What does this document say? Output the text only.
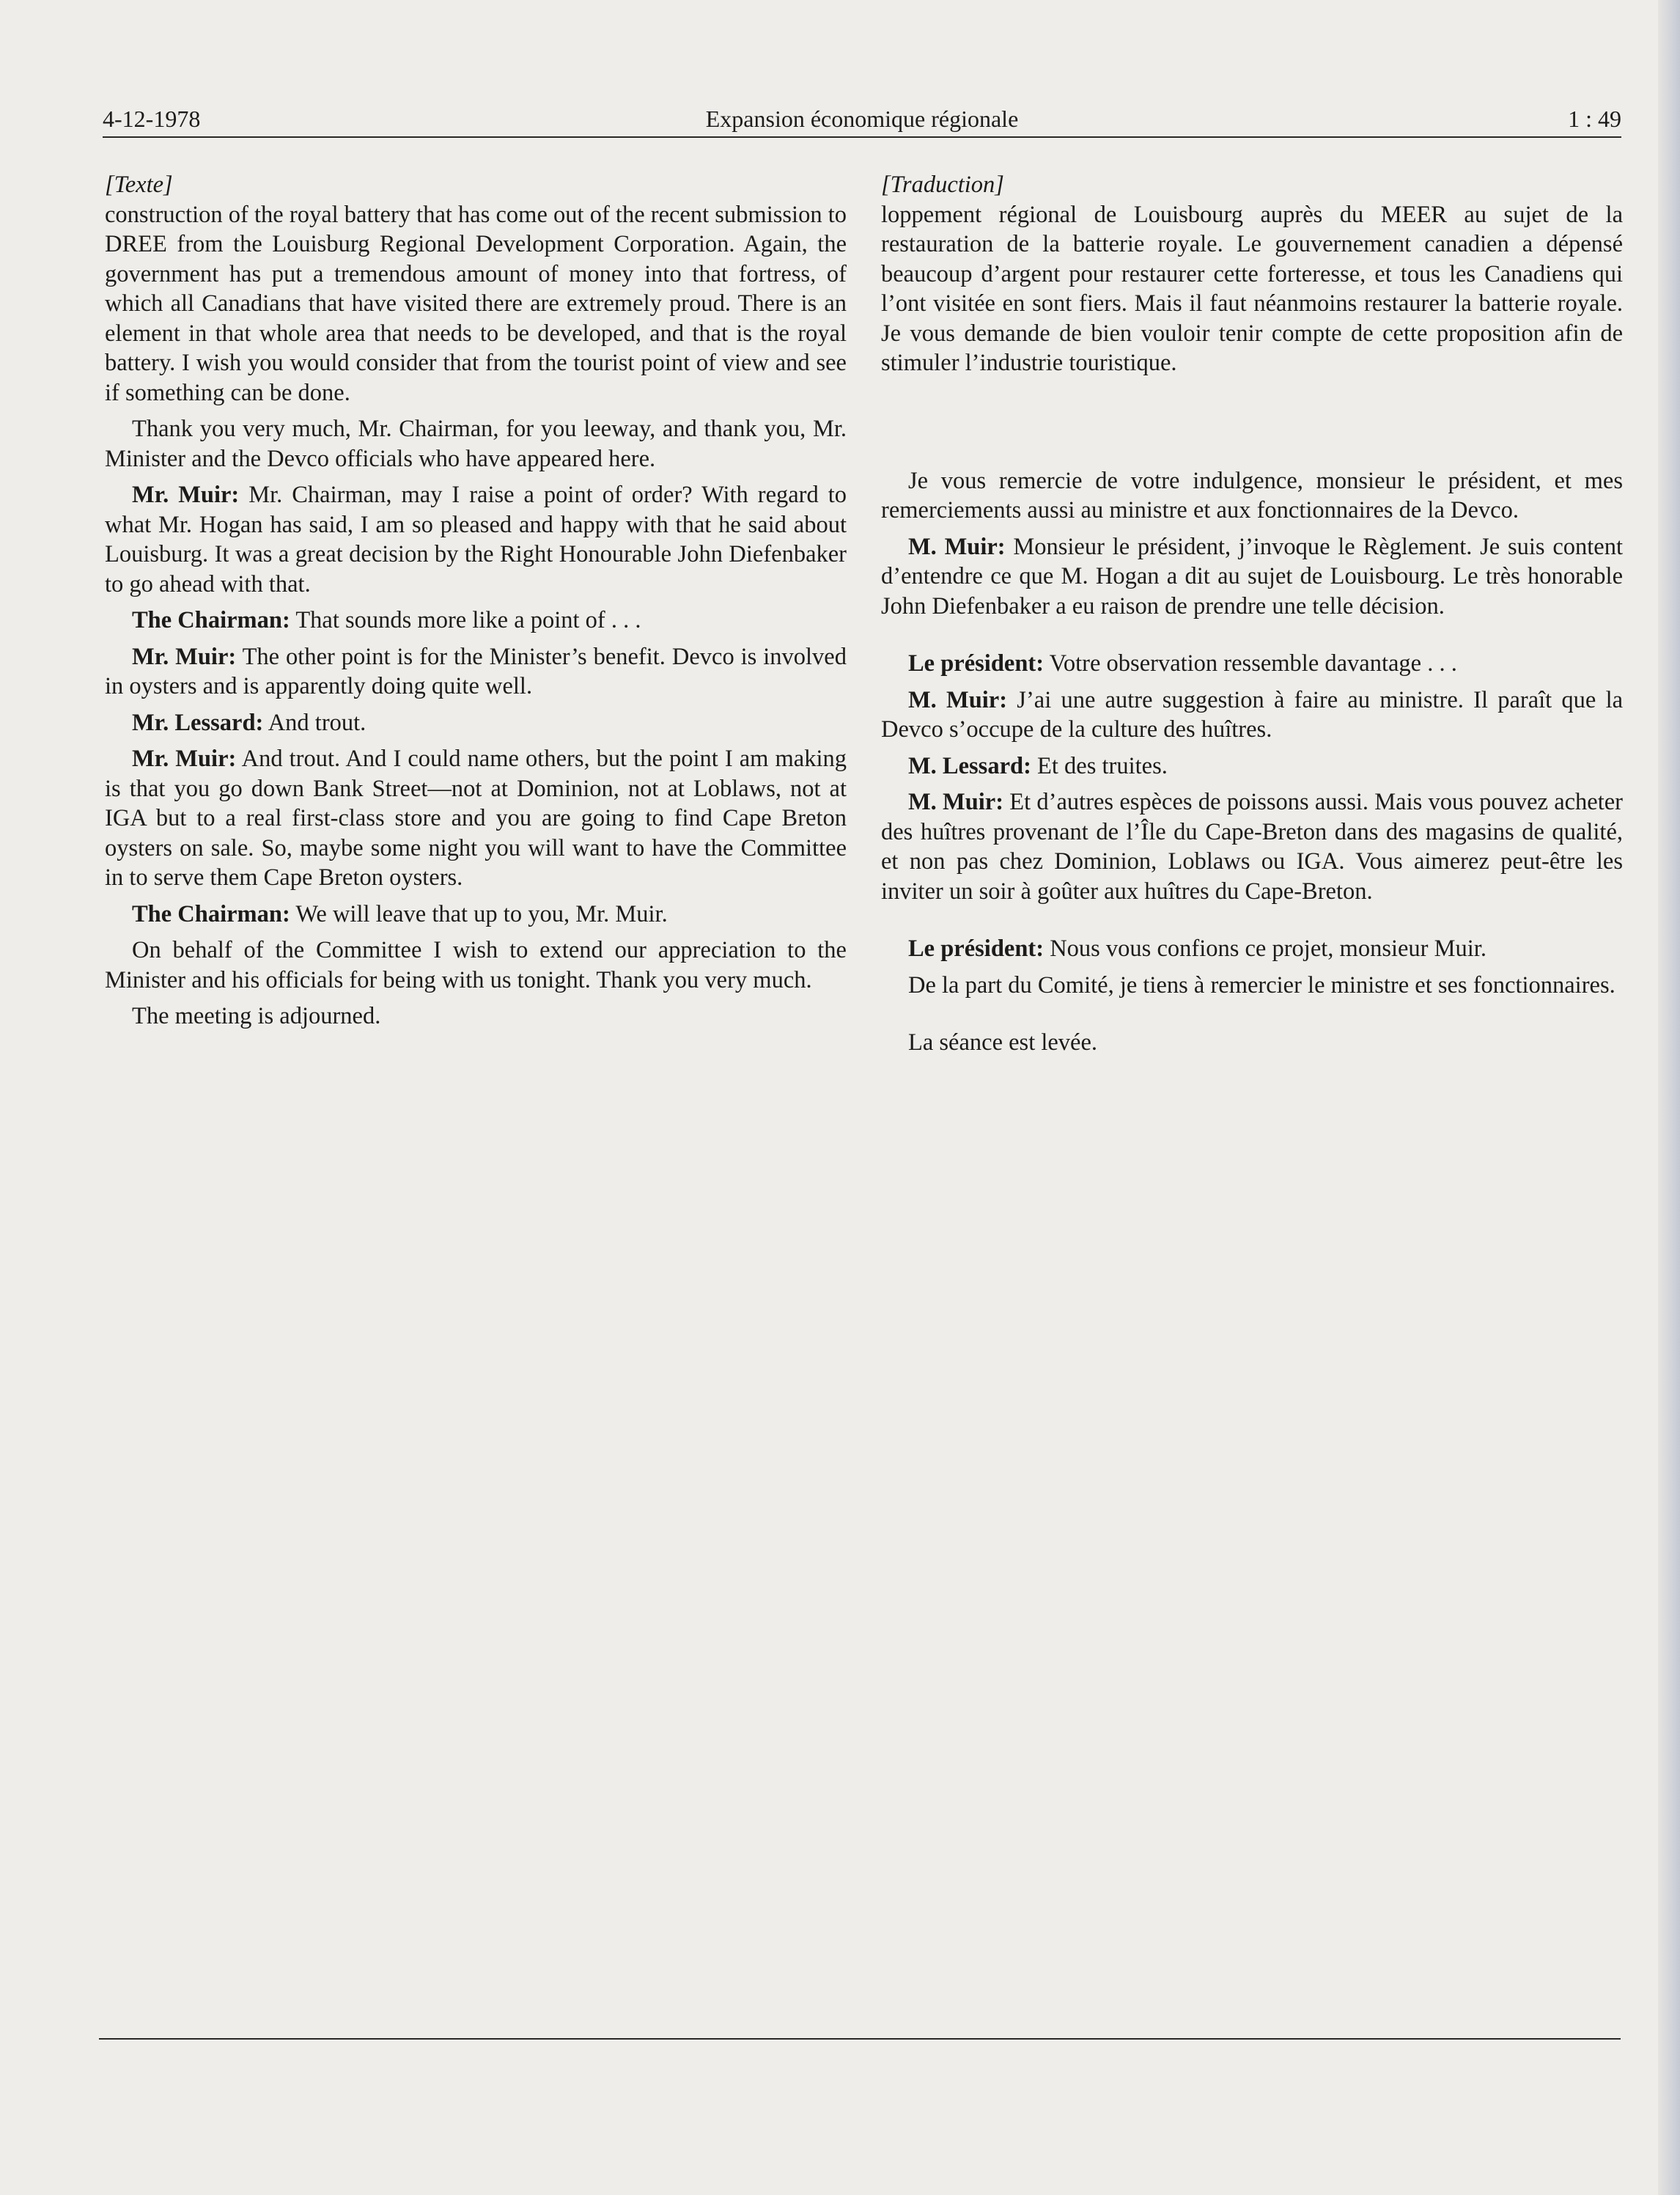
4-12-1978	Expansion économique régionale	1 : 49

[Texte]

construction of the royal battery that has come out of the recent submission to DREE from the Louisburg Regional Development Corporation. Again, the government has put a tremendous amount of money into that fortress, of which all Canadians that have visited there are extremely proud. There is an element in that whole area that needs to be developed, and that is the royal battery. I wish you would consider that from the tourist point of view and see if something can be done.

Thank you very much, Mr. Chairman, for you leeway, and thank you, Mr. Minister and the Devco officials who have appeared here.

Mr. Muir: Mr. Chairman, may I raise a point of order? With regard to what Mr. Hogan has said, I am so pleased and happy with that he said about Louisburg. It was a great decision by the Right Honourable John Diefenbaker to go ahead with that.

The Chairman: That sounds more like a point of . . .

Mr. Muir: The other point is for the Minister’s benefit. Devco is involved in oysters and is apparently doing quite well.

Mr. Lessard: And trout.

Mr. Muir: And trout. And I could name others, but the point I am making is that you go down Bank Street—not at Dominion, not at Loblaws, not at IGA but to a real first-class store and you are going to find Cape Breton oysters on sale. So, maybe some night you will want to have the Committee in to serve them Cape Breton oysters.

The Chairman: We will leave that up to you, Mr. Muir.

On behalf of the Committee I wish to extend our appreciation to the Minister and his officials for being with us tonight. Thank you very much.

The meeting is adjourned.

[Traduction]

loppement régional de Louisbourg auprès du MEER au sujet de la restauration de la batterie royale. Le gouvernement canadien a dépensé beaucoup d’argent pour restaurer cette forteresse, et tous les Canadiens qui l’ont visitée en sont fiers. Mais il faut néanmoins restaurer la batterie royale. Je vous demande de bien vouloir tenir compte de cette proposition afin de stimuler l’industrie touristique.

Je vous remercie de votre indulgence, monsieur le président, et mes remerciements aussi au ministre et aux fonctionnaires de la Devco.

M. Muir: Monsieur le président, j’invoque le Règlement. Je suis content d’entendre ce que M. Hogan a dit au sujet de Louisbourg. Le très honorable John Diefenbaker a eu raison de prendre une telle décision.

Le président: Votre observation ressemble davantage . . .

M. Muir: J’ai une autre suggestion à faire au ministre. Il paraît que la Devco s’occupe de la culture des huîtres.

M. Lessard: Et des truites.

M. Muir: Et d’autres espèces de poissons aussi. Mais vous pouvez acheter des huîtres provenant de l’Île du Cape-Breton dans des magasins de qualité, et non pas chez Dominion, Loblaws ou IGA. Vous aimerez peut-être les inviter un soir à goûter aux huîtres du Cape-Breton.

Le président: Nous vous confions ce projet, monsieur Muir.

De la part du Comité, je tiens à remercier le ministre et ses fonctionnaires.

La séance est levée.
